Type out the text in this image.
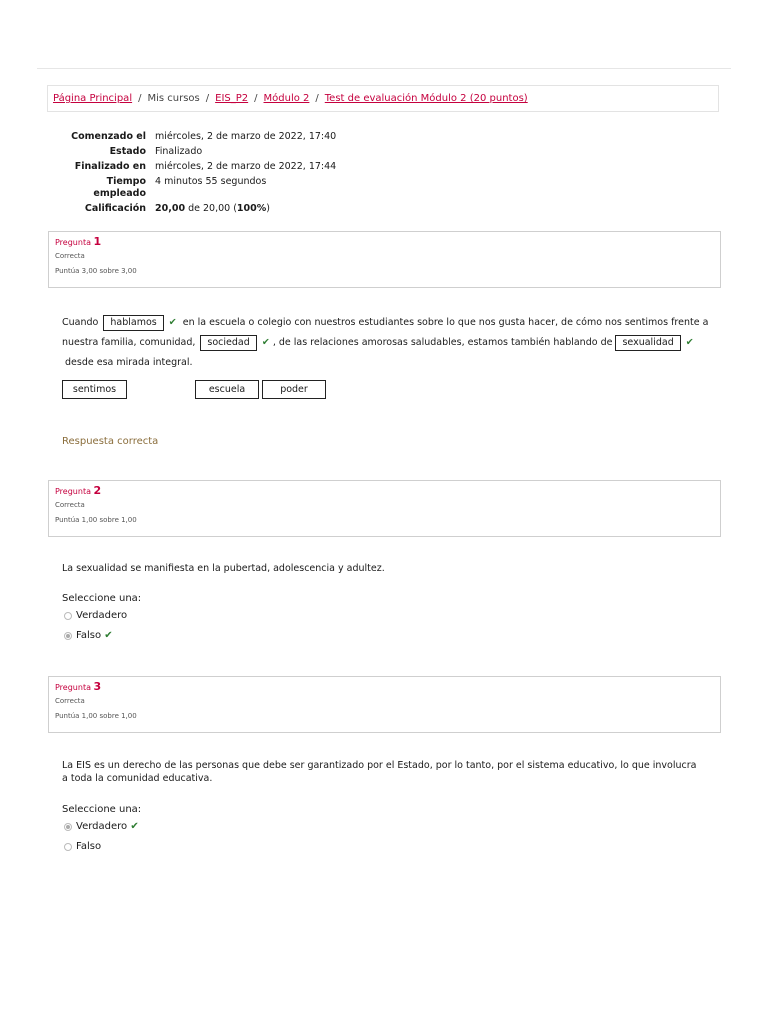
Página Principal / Mis cursos / EIS_P2 / Módulo 2 / Test de evaluación Módulo 2 (20 puntos)
Comenzado el	miércoles, 2 de marzo de 2022, 17:40
Estado	Finalizado
Finalizado en	miércoles, 2 de marzo de 2022, 17:44
Tiempo empleado	4 minutos 55 segundos
Calificación	20,00 de 20,00 (100%)
Pregunta 1
Correcta
Puntúa 3,00 sobre 3,00
Cuando hablamos ✔ en la escuela o colegio con nuestros estudiantes sobre lo que nos gusta hacer, de cómo nos sentimos frente a nuestra familia, comunidad, sociedad ✔ , de las relaciones amorosas saludables, estamos también hablando de sexualidad ✔  desde esa mirada integral.
sentimos	escuela	poder
Respuesta correcta
Pregunta 2
Correcta
Puntúa 1,00 sobre 1,00
La sexualidad se manifiesta en la pubertad, adolescencia y adultez.
Seleccione una:
Verdadero
Falso
✔
Pregunta 3
Correcta
Puntúa 1,00 sobre 1,00
La EIS es un derecho de las personas que debe ser garantizado por el Estado, por lo tanto, por el sistema educativo, lo que involucra a toda la comunidad educativa.
Seleccione una:
Verdadero
✔
Falso
